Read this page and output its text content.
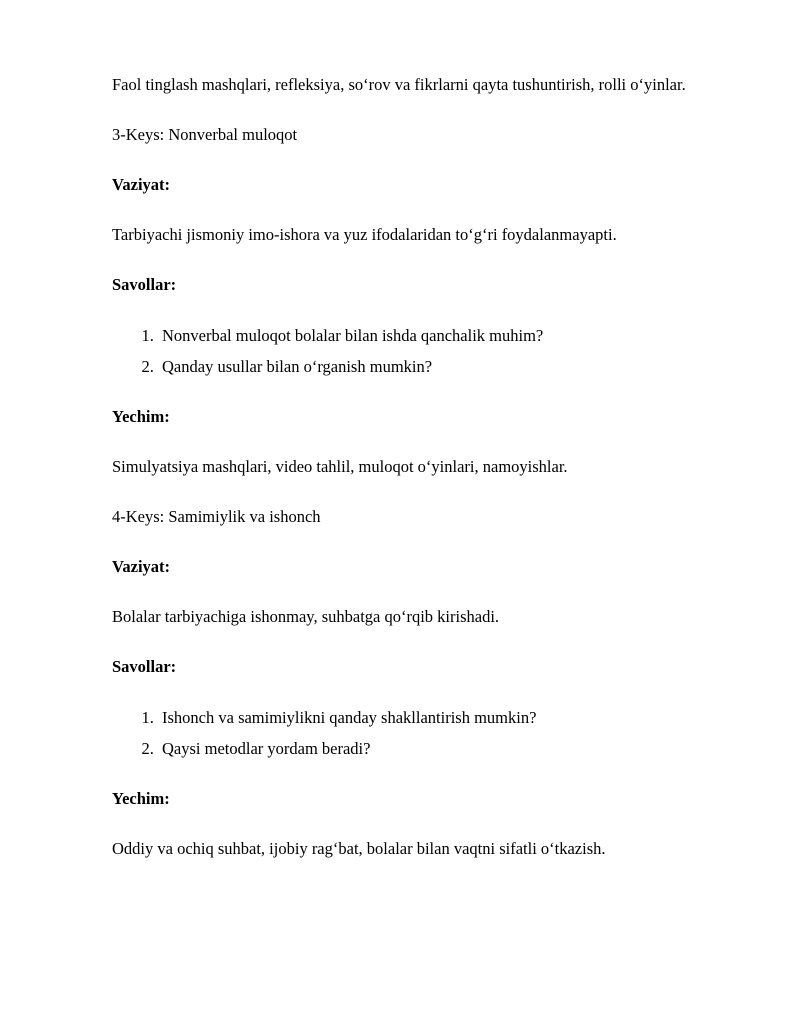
Faol tinglash mashqlari, refleksiya, so‘rov va fikrlarni qayta tushuntirish, rolli o‘yinlar.

3-Keys: Nonverbal muloqot

Vaziyat:

Tarbiyachi jismoniy imo-ishora va yuz ifodalaridan to‘g‘ri foydalanmayapti.

Savollar:

1. Nonverbal muloqot bolalar bilan ishda qanchalik muhim?
2. Qanday usullar bilan o‘rganish mumkin?

Yechim:

Simulyatsiya mashqlari, video tahlil, muloqot o‘yinlari, namoyishlar.

4-Keys: Samimiylik va ishonch

Vaziyat:

Bolalar tarbiyachiga ishonmay, suhbatga qo‘rqib kirishadi.

Savollar:

1. Ishonch va samimiylikni qanday shakllantirish mumkin?
2. Qaysi metodlar yordam beradi?

Yechim:

Oddiy va ochiq suhbat, ijobiy rag‘bat, bolalar bilan vaqtni sifatli o‘tkazish.
